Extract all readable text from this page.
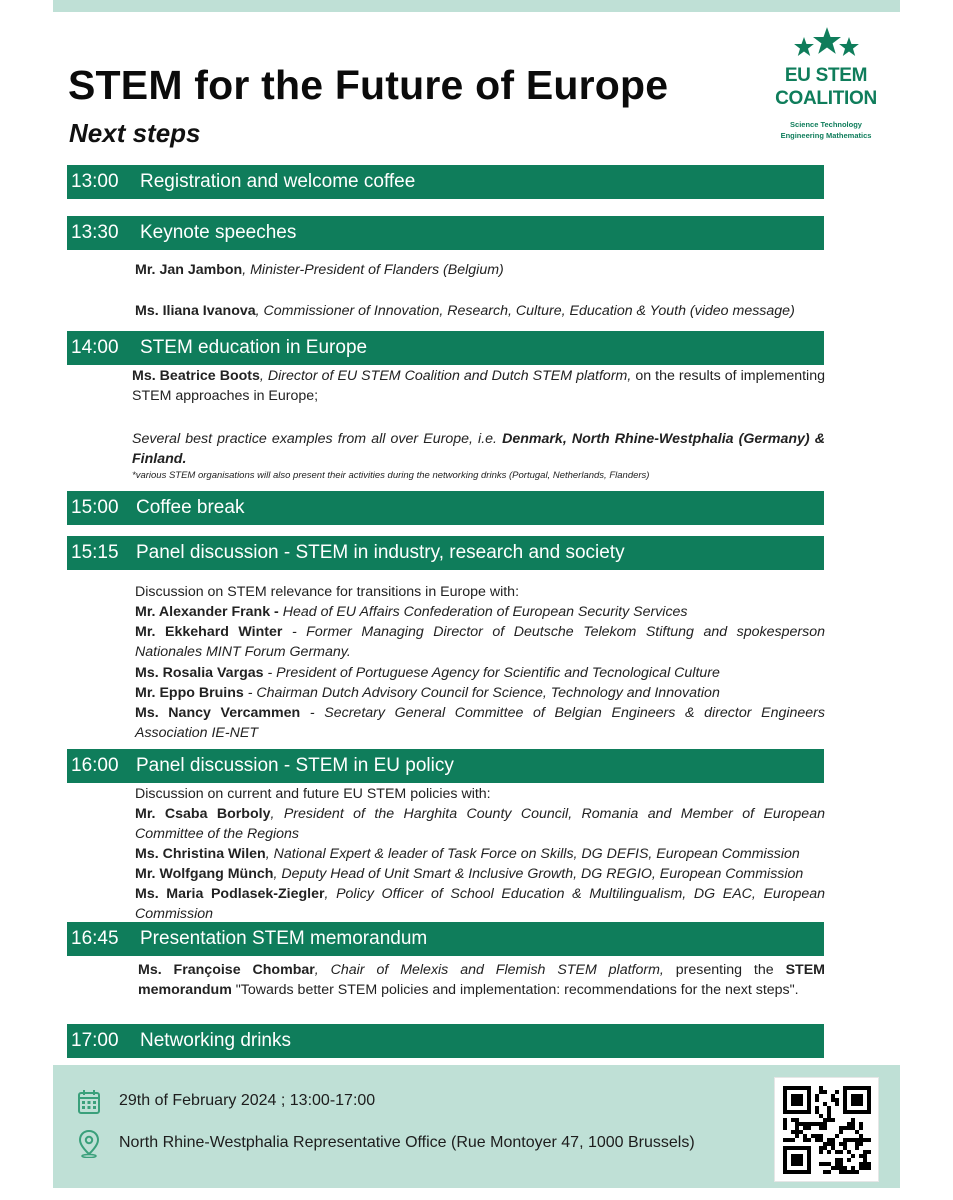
STEM for the Future of Europe
Next steps
EU STEM
COALITION
Science Technology
Engineering Mathematics
13:00 Registration and welcome coffee
13:30 Keynote speeches
14:00 STEM education in Europe
15:00 Coffee break
15:15 Panel discussion - STEM in industry, research and society
16:00 Panel discussion - STEM in EU policy
16:45 Presentation STEM memorandum
17:00 Networking drinks
Mr. Jan Jambon, Minister-President of Flanders (Belgium)
Ms. Iliana Ivanova, Commissioner of Innovation, Research, Culture, Education & Youth (video message)
Ms. Beatrice Boots, Director of EU STEM Coalition and Dutch STEM platform, on the results of implementing STEM approaches in Europe;
Several best practice examples from all over Europe, i.e. Denmark, North Rhine-Westphalia (Germany) & Finland.
*various STEM organisations will also present their activities during the networking drinks (Portugal, Netherlands, Flanders)
Discussion on STEM relevance for transitions in Europe with:
Mr. Alexander Frank - Head of EU Affairs Confederation of European Security Services
Mr. Ekkehard Winter - Former Managing Director of Deutsche Telekom Stiftung and spokesperson Nationales MINT Forum Germany.
Ms. Rosalia Vargas - President of Portuguese Agency for Scientific and Tecnological Culture
Mr. Eppo Bruins - Chairman Dutch Advisory Council for Science, Technology and Innovation
Ms. Nancy Vercammen - Secretary General Committee of Belgian Engineers & director Engineers Association IE-NET
Discussion on current and future EU STEM policies with:
Mr. Csaba Borboly, President of the Harghita County Council, Romania and Member of European Committee of the Regions
Ms. Christina Wilen, National Expert & leader of Task Force on Skills, DG DEFIS, European Commission
Mr. Wolfgang Münch, Deputy Head of Unit Smart & Inclusive Growth, DG REGIO, European Commission
Ms. Maria Podlasek-Ziegler, Policy Officer of School Education & Multilingualism, DG EAC, European Commission
Ms. Françoise Chombar, Chair of Melexis and Flemish STEM platform, presenting the STEM memorandum "Towards better STEM policies and implementation: recommendations for the next steps".
29th of February 2024 ; 13:00-17:00
North Rhine-Westphalia Representative Office (Rue Montoyer 47, 1000 Brussels)
